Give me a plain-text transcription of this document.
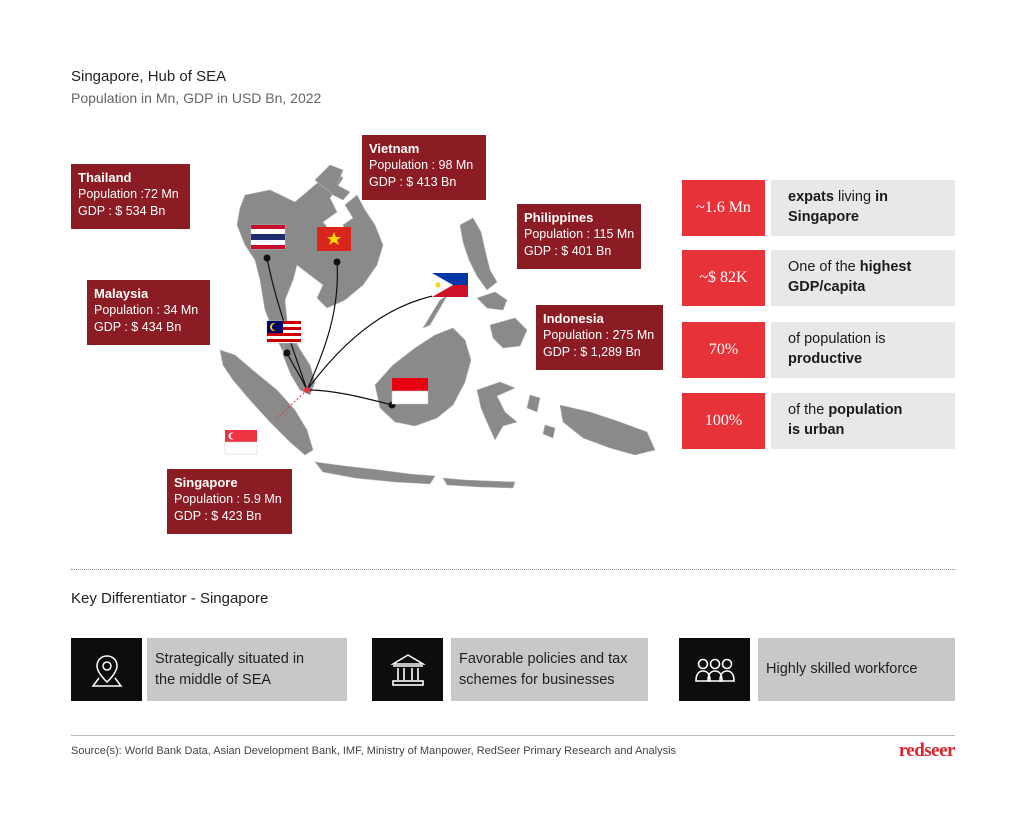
Singapore, Hub of SEA
Population in Mn, GDP in USD Bn, 2022
Thailand
Population :72 Mn
GDP : $ 534 Bn
Vietnam
Population : 98 Mn
GDP : $ 413 Bn
Philippines
Population : 115 Mn
GDP : $ 401 Bn
Malaysia
Population : 34 Mn
GDP : $ 434 Bn
Indonesia
Population : 275 Mn
GDP : $ 1,289 Bn
Singapore
Population : 5.9 Mn
GDP : $ 423 Bn
~1.6 Mn
expats living in
Singapore
~$ 82K
One of the highest
GDP/capita
70%
of population is
productive
100%
of the population
is urban
Key Differentiator - Singapore
Strategically situated in
the middle of SEA
Favorable policies and tax
schemes for businesses
Highly skilled workforce
Source(s): World Bank Data, Asian Development Bank, IMF, Ministry of Manpower, RedSeer Primary Research and Analysis	redseer
